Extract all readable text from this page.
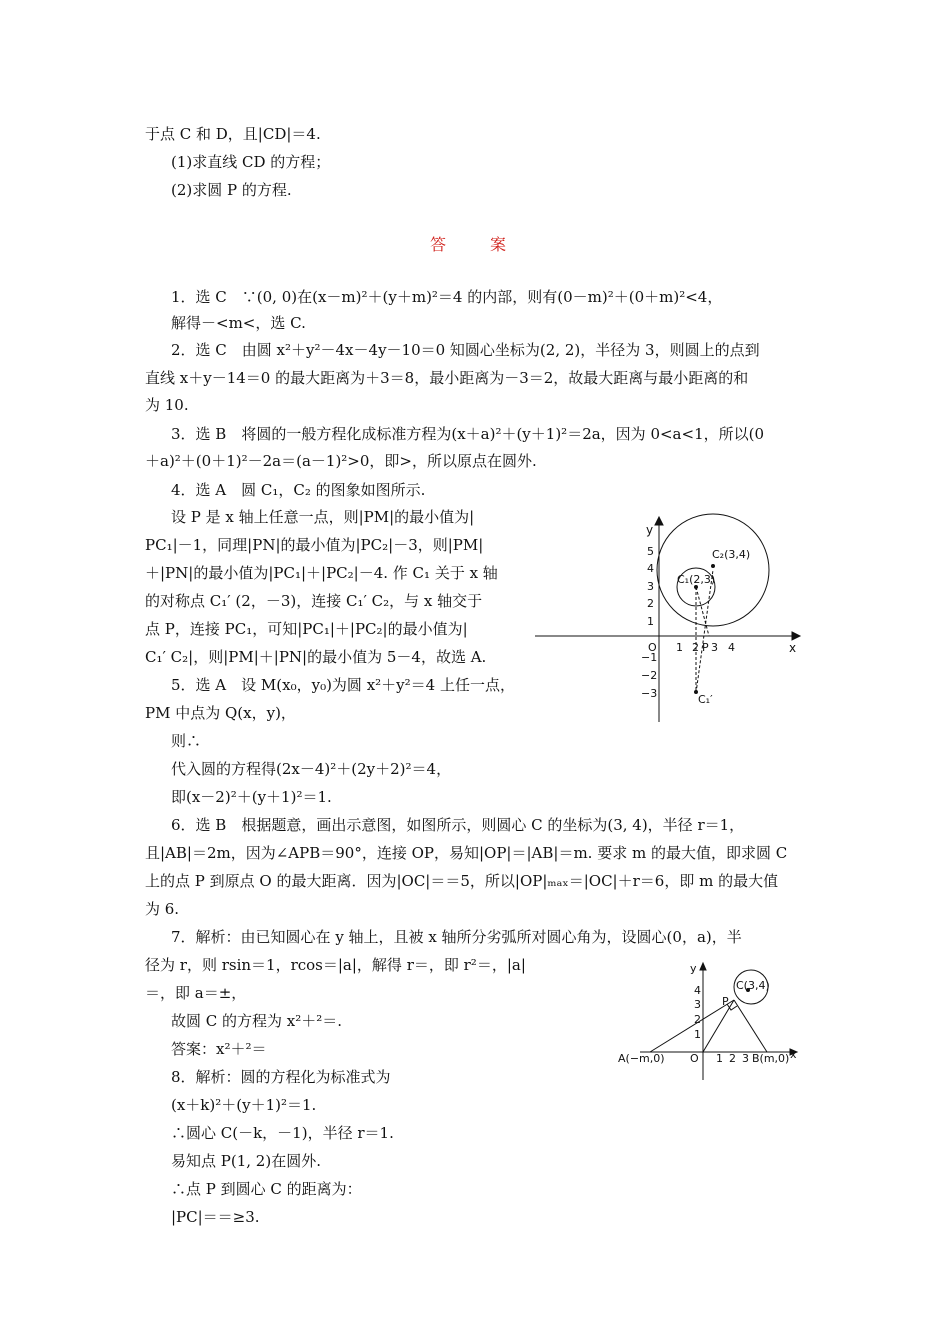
于点 C 和 D，且|CD|＝4.
(1)求直线 CD 的方程；
(2)求圆 P 的方程.
答　案
1．选 C　∵(0, 0)在(x－m)²＋(y＋m)²＝4 的内部，则有(0－m)²＋(0＋m)²<4，
解得－<m<，选 C.
2．选 C　由圆 x²＋y²－4x－4y－10＝0 知圆心坐标为(2, 2)，半径为 3，则圆上的点到
直线 x＋y－14＝0 的最大距离为＋3＝8，最小距离为－3＝2，故最大距离与最小距离的和
为 10.
3．选 B　将圆的一般方程化成标准方程为(x＋a)²＋(y＋1)²＝2a，因为 0<a<1，所以(0
＋a)²＋(0＋1)²－2a＝(a－1)²>0，即>，所以原点在圆外.
4．选 A　圆 C₁，C₂ 的图象如图所示.
设 P 是 x 轴上任意一点，则|PM|的最小值为|
PC₁|－1，同理|PN|的最小值为|PC₂|－3，则|PM|
＋|PN|的最小值为|PC₁|＋|PC₂|－4. 作 C₁ 关于 x 轴
的对称点 C₁′ (2，－3)，连接 C₁′ C₂，与 x 轴交于
点 P，连接 PC₁，可知|PC₁|＋|PC₂|的最小值为|
C₁′ C₂|，则|PM|＋|PN|的最小值为 5－4，故选 A.
5．选 A　设 M(x₀，y₀)为圆 x²＋y²＝4 上任一点，
PM 中点为 Q(x，y)，
则∴
代入圆的方程得(2x－4)²＋(2y＋2)²＝4，
即(x－2)²＋(y＋1)²＝1.
6．选 B　根据题意，画出示意图，如图所示，则圆心 C 的坐标为(3, 4)，半径 r＝1，
且|AB|＝2m，因为∠APB＝90°，连接 OP，易知|OP|＝|AB|＝m. 要求 m 的最大值，即求圆 C
上的点 P 到原点 O 的最大距离．因为|OC|＝＝5，所以|OP|ₘₐₓ＝|OC|＋r＝6，即 m 的最大值
为 6.
7．解析：由已知圆心在 y 轴上，且被 x 轴所分劣弧所对圆心角为，设圆心(0，a)，半
径为 r，则 rsin＝1，rcos＝|a|，解得 r＝，即 r²＝，|a|
＝，即 a＝±，
故圆 C 的方程为 x²＋²＝.
答案：x²＋²＝
8．解析：圆的方程化为标准式为
(x＋k)²＋(y＋1)²＝1.
∴圆心 C(－k，－1)，半径 r＝1.
易知点 P(1, 2)在圆外.
∴点 P 到圆心 C 的距离为：
|PC|＝＝≥3.
y
x
O 1 2 P 3 4
5
4
3
2
1
−1
−2
−3
C₂(3,4)
C₁(2,3)
C₁′
y
x
O 1 2 3
4
3
2
1
A(−m,0)	B(m,0)
C(3,4)
P
